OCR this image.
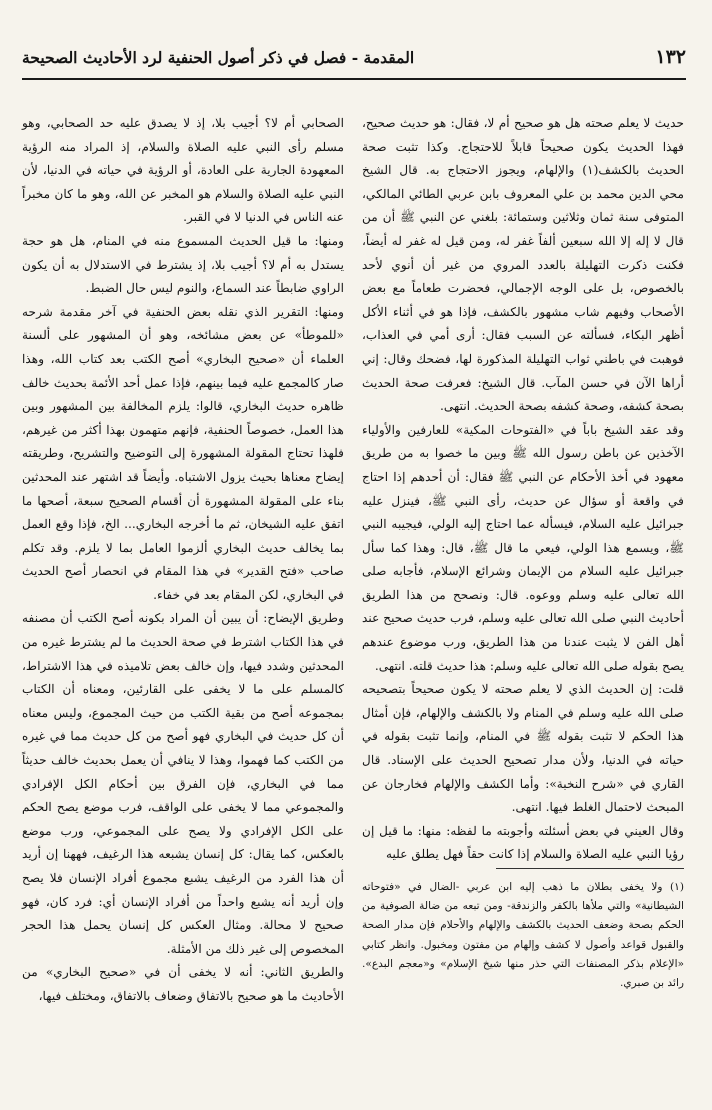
١٣٢
المقدمة - فصل في ذكر أصول الحنفية لرد الأحاديث الصحيحة

حديث لا يعلم صحته هل هو صحيح أم لا، فقال: هو حديث صحيح، فهذا الحديث يكون صحيحاً قابلاً للاحتجاج. وكذا تثبت صحة الحديث بالكشف(١) والإلهام، ويجوز الاحتجاج به. قال الشيخ محي الدين محمد بن علي المعروف بابن عربي الطائي المالكي، المتوفى سنة ثمان وثلاثين وستمائة: بلغني عن النبي ﷺ أن من قال لا إله إلا الله سبعين ألفاً غفر له، ومن قيل له غفر له أيضاً، فكنت ذكرت التهليلة بالعدد المروي من غير أن أنوي لأحد بالخصوص، بل على الوجه الإجمالي، فحضرت طعاماً مع بعض الأصحاب وفيهم شاب مشهور بالكشف، فإذا هو في أثناء الأكل أظهر البكاء، فسألته عن السبب فقال: أرى أمي في العذاب، فوهبت في باطني ثواب التهليلة المذكورة لها، فضحك وقال: إني أراها الآن في حسن المآب. قال الشيخ: فعرفت صحة الحديث بصحة كشفه، وصحة كشفه بصحة الحديث. انتهى.

وقد عقد الشيخ باباً في «الفتوحات المكية» للعارفين والأولياء الآخذين عن باطن رسول الله ﷺ وبين ما خصوا به من طريق معهود في أخذ الأحكام عن النبي ﷺ فقال: أن أحدهم إذا احتاج في واقعة أو سؤال عن حديث، رأى النبي ﷺ، فينزل عليه جبرائيل عليه السلام، فيسأله عما احتاج إليه الولي، فيجيبه النبي ﷺ، ويسمع هذا الولي، فيعي ما قال ﷺ، قال: وهذا كما سأل جبرائيل عليه السلام من الإيمان وشرائع الإسلام، فأجابه صلى الله تعالى عليه وسلم ووعوه. قال: ونصحح من هذا الطريق أحاديث النبي صلى الله تعالى عليه وسلم، فرب حديث صحيح عند أهل الفن لا يثبت عندنا من هذا الطريق، ورب موضوع عندهم يصح بقوله صلى الله تعالى عليه وسلم: هذا حديث قلته. انتهى.

قلت: إن الحديث الذي لا يعلم صحته لا يكون صحيحاً بتصحيحه صلى الله عليه وسلم في المنام ولا بالكشف والإلهام، فإن أمثال هذا الحكم لا تثبت بقوله ﷺ في المنام، وإنما تثبت بقوله في حياته في الدنيا، ولأن مدار تصحيح الحديث على الإسناد. قال القاري في «شرح النخبة»: وأما الكشف والإلهام فخارجان عن المبحث لاحتمال الغلط فيها. انتهى.

وقال العيني في بعض أسئلته وأجوبته ما لفظه: منها: ما قيل إن رؤيا النبي عليه الصلاة والسلام إذا كانت حقاً فهل يطلق عليه

(١) ولا يخفى بطلان ما ذهب إليه ابن عربي -الضال في «فتوحاته الشيطانية» والتي ملأها بالكفر والزندقة- ومن تبعه من ضالة الصوفية من الحكم بصحة وضعف الحديث بالكشف والإلهام والأحلام فإن مدار الصحة والقبول قواعد وأصول لا كشف وإلهام من مفتون ومخبول. وانظر كتابي «الإعلام بذكر المصنفات التي حذر منها شيخ الإسلام» و«معجم البدع». رائد بن صبري.

الصحابي أم لا؟ أجيب بلا، إذ لا يصدق عليه حد الصحابي، وهو مسلم رأى النبي عليه الصلاة والسلام، إذ المراد منه الرؤية المعهودة الجارية على العادة، أو الرؤية في حياته في الدنيا، لأن النبي عليه الصلاة والسلام هو المخبر عن الله، وهو ما كان مخبراً عنه الناس في الدنيا لا في القبر.

ومنها: ما قيل الحديث المسموع منه في المنام، هل هو حجة يستدل به أم لا؟ أجيب بلا، إذ يشترط في الاستدلال به أن يكون الراوي ضابطاً عند السماع، والنوم ليس حال الضبط.

ومنها: التقرير الذي نقله بعض الحنفية في آخر مقدمة شرحه «للموطأ» عن بعض مشائخه، وهو أن المشهور على ألسنة العلماء أن «صحيح البخاري» أصح الكتب بعد كتاب الله، وهذا صار كالمجمع عليه فيما بينهم، فإذا عمل أحد الأئمة بحديث خالف ظاهره حديث البخاري، قالوا: يلزم المخالفة بين المشهور وبين هذا العمل، خصوصاً الحنفية، فإنهم متهمون بهذا أكثر من غيرهم، فلهذا تحتاج المقولة المشهورة إلى التوضيح والتشريح، وطريقته إيضاح معناها بحيث يزول الاشتباه. وأيضاً قد اشتهر عند المحدثين بناء على المقولة المشهورة أن أقسام الصحيح سبعة، أصحها ما اتفق عليه الشيخان، ثم ما أخرجه البخاري... الخ، فإذا وقع العمل بما يخالف حديث البخاري ألزموا العامل بما لا يلزم. وقد تكلم صاحب «فتح القدير» في هذا المقام في انحصار أصح الحديث في البخاري، لكن المقام بعد في خفاء.

وطريق الإيضاح: أن يبين أن المراد بكونه أصح الكتب أن مصنفه في هذا الكتاب اشترط في صحة الحديث ما لم يشترط غيره من المحدثين وشدد فيها، وإن خالف بعض تلاميذه في هذا الاشتراط، كالمسلم على ما لا يخفى على القارئين، ومعناه أن الكتاب بمجموعه أصح من بقية الكتب من حيث المجموع، وليس معناه أن كل حديث في البخاري فهو أصح من كل حديث مما في غيره من الكتب كما فهموا، وهذا لا ينافي أن يعمل بحديث خالف حديثاً مما في البخاري، فإن الفرق بين أحكام الكل الإفرادي والمجموعي مما لا يخفى على الواقف، فرب موضع يصح الحكم على الكل الإفرادي ولا يصح على المجموعي، ورب موضع بالعكس، كما يقال: كل إنسان يشبعه هذا الرغيف، فههنا إن أريد أن هذا الفرد من الرغيف يشبع مجموع أفراد الإنسان فلا يصح وإن أريد أنه يشبع واحداً من أفراد الإنسان أي: فرد كان، فهو صحيح لا محالة. ومثال العكس كل إنسان يحمل هذا الحجر المخصوص إلى غير ذلك من الأمثلة.

والطريق الثاني: أنه لا يخفى أن في «صحيح البخاري» من الأحاديث ما هو صحيح بالاتفاق وضعاف بالاتفاق، ومختلف فيها،
